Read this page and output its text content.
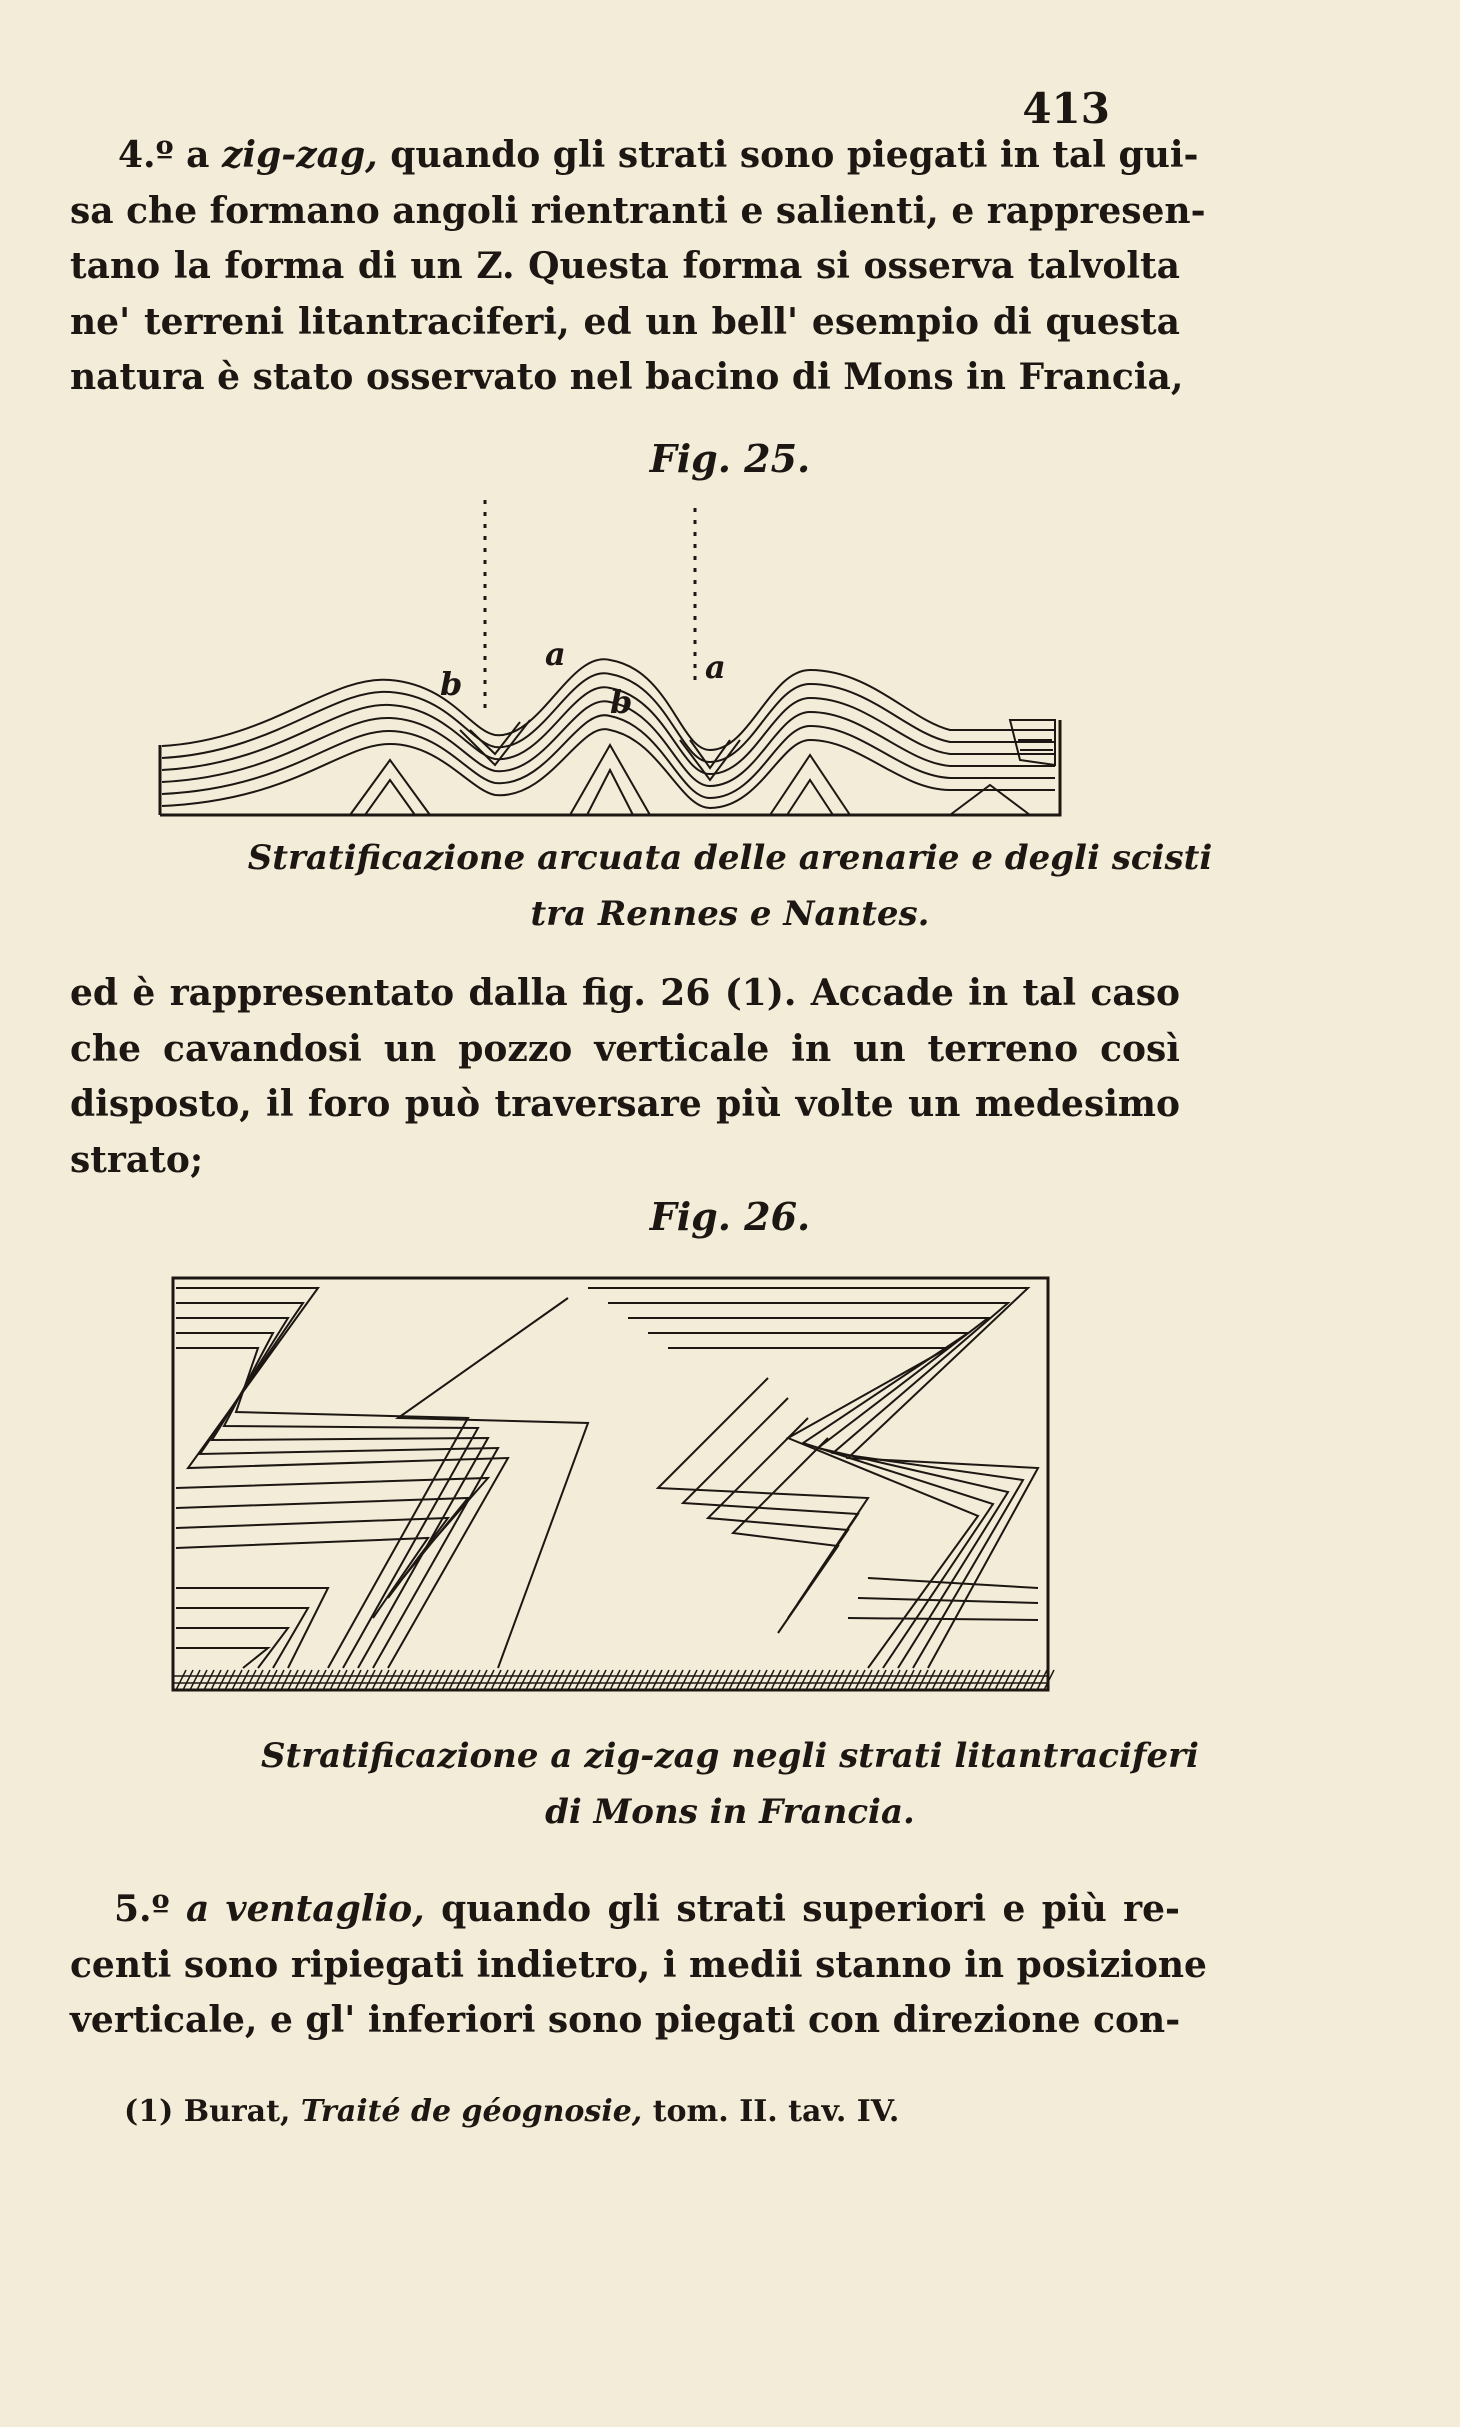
413
4.º a zig-zag, quando gli strati sono piegati in tal gui-
sa che formano angoli rientranti e salienti, e rappresen-
tano la forma di un Z. Questa forma si osserva talvolta
ne' terreni litantraciferi, ed un bell' esempio di questa
natura è stato osservato nel bacino di Mons in Francia,
Fig. 25.
b
a
b
a
Stratificazione arcuata delle arenarie e degli scisti
tra Rennes e Nantes.
ed è rappresentato dalla fig. 26 (1). Accade in tal caso
che cavandosi un pozzo verticale in un terreno così
disposto, il foro può traversare più volte un medesimo
strato;
Fig. 26.
Stratificazione a zig-zag negli strati litantraciferi
di Mons in Francia.
5.º a ventaglio, quando gli strati superiori e più re-
centi sono ripiegati indietro, i medii stanno in posizione
verticale, e gl' inferiori sono piegati con direzione con-
(1) Burat, Traité de géognosie, tom. II. tav. IV.
